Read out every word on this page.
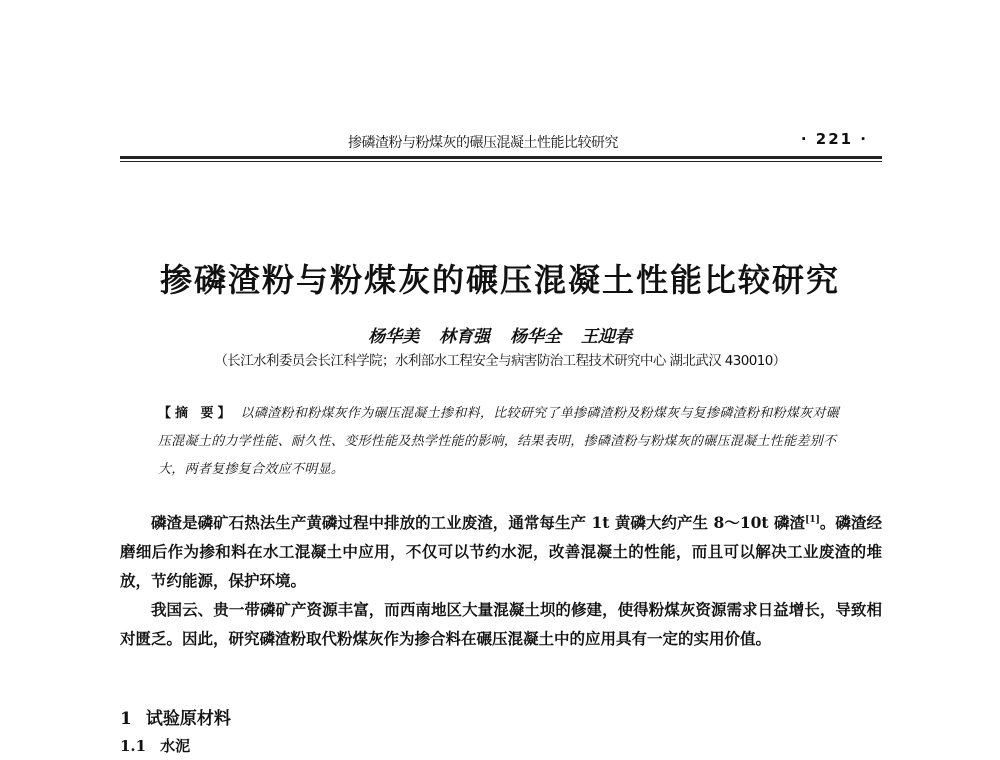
掺磷渣粉与粉煤灰的碾压混凝土性能比较研究	· 221 ·
掺磷渣粉与粉煤灰的碾压混凝土性能比较研究
杨华美 林育强 杨华全 王迎春
（长江水利委员会长江科学院；水利部水工程安全与病害防治工程技术研究中心 湖北武汉 430010）
【摘 要】 以磷渣粉和粉煤灰作为碾压混凝土掺和料，比较研究了单掺磷渣粉及粉煤灰与复掺磷渣粉和粉煤灰对碾压混凝土的力学性能、耐久性、变形性能及热学性能的影响，结果表明，掺磷渣粉与粉煤灰的碾压混凝土性能差别不大，两者复掺复合效应不明显。

磷渣是磷矿石热法生产黄磷过程中排放的工业废渣，通常每生产 1t 黄磷大约产生 8～10t 磷渣[1]。磷渣经磨细后作为掺和料在水工混凝土中应用，不仅可以节约水泥，改善混凝土的性能，而且可以解决工业废渣的堆放，节约能源，保护环境。

我国云、贵一带磷矿产资源丰富，而西南地区大量混凝土坝的修建，使得粉煤灰资源需求日益增长，导致相对匮乏。因此，研究磷渣粉取代粉煤灰作为掺合料在碾压混凝土中的应用具有一定的实用价值。

1 试验原材料
1.1 水泥
